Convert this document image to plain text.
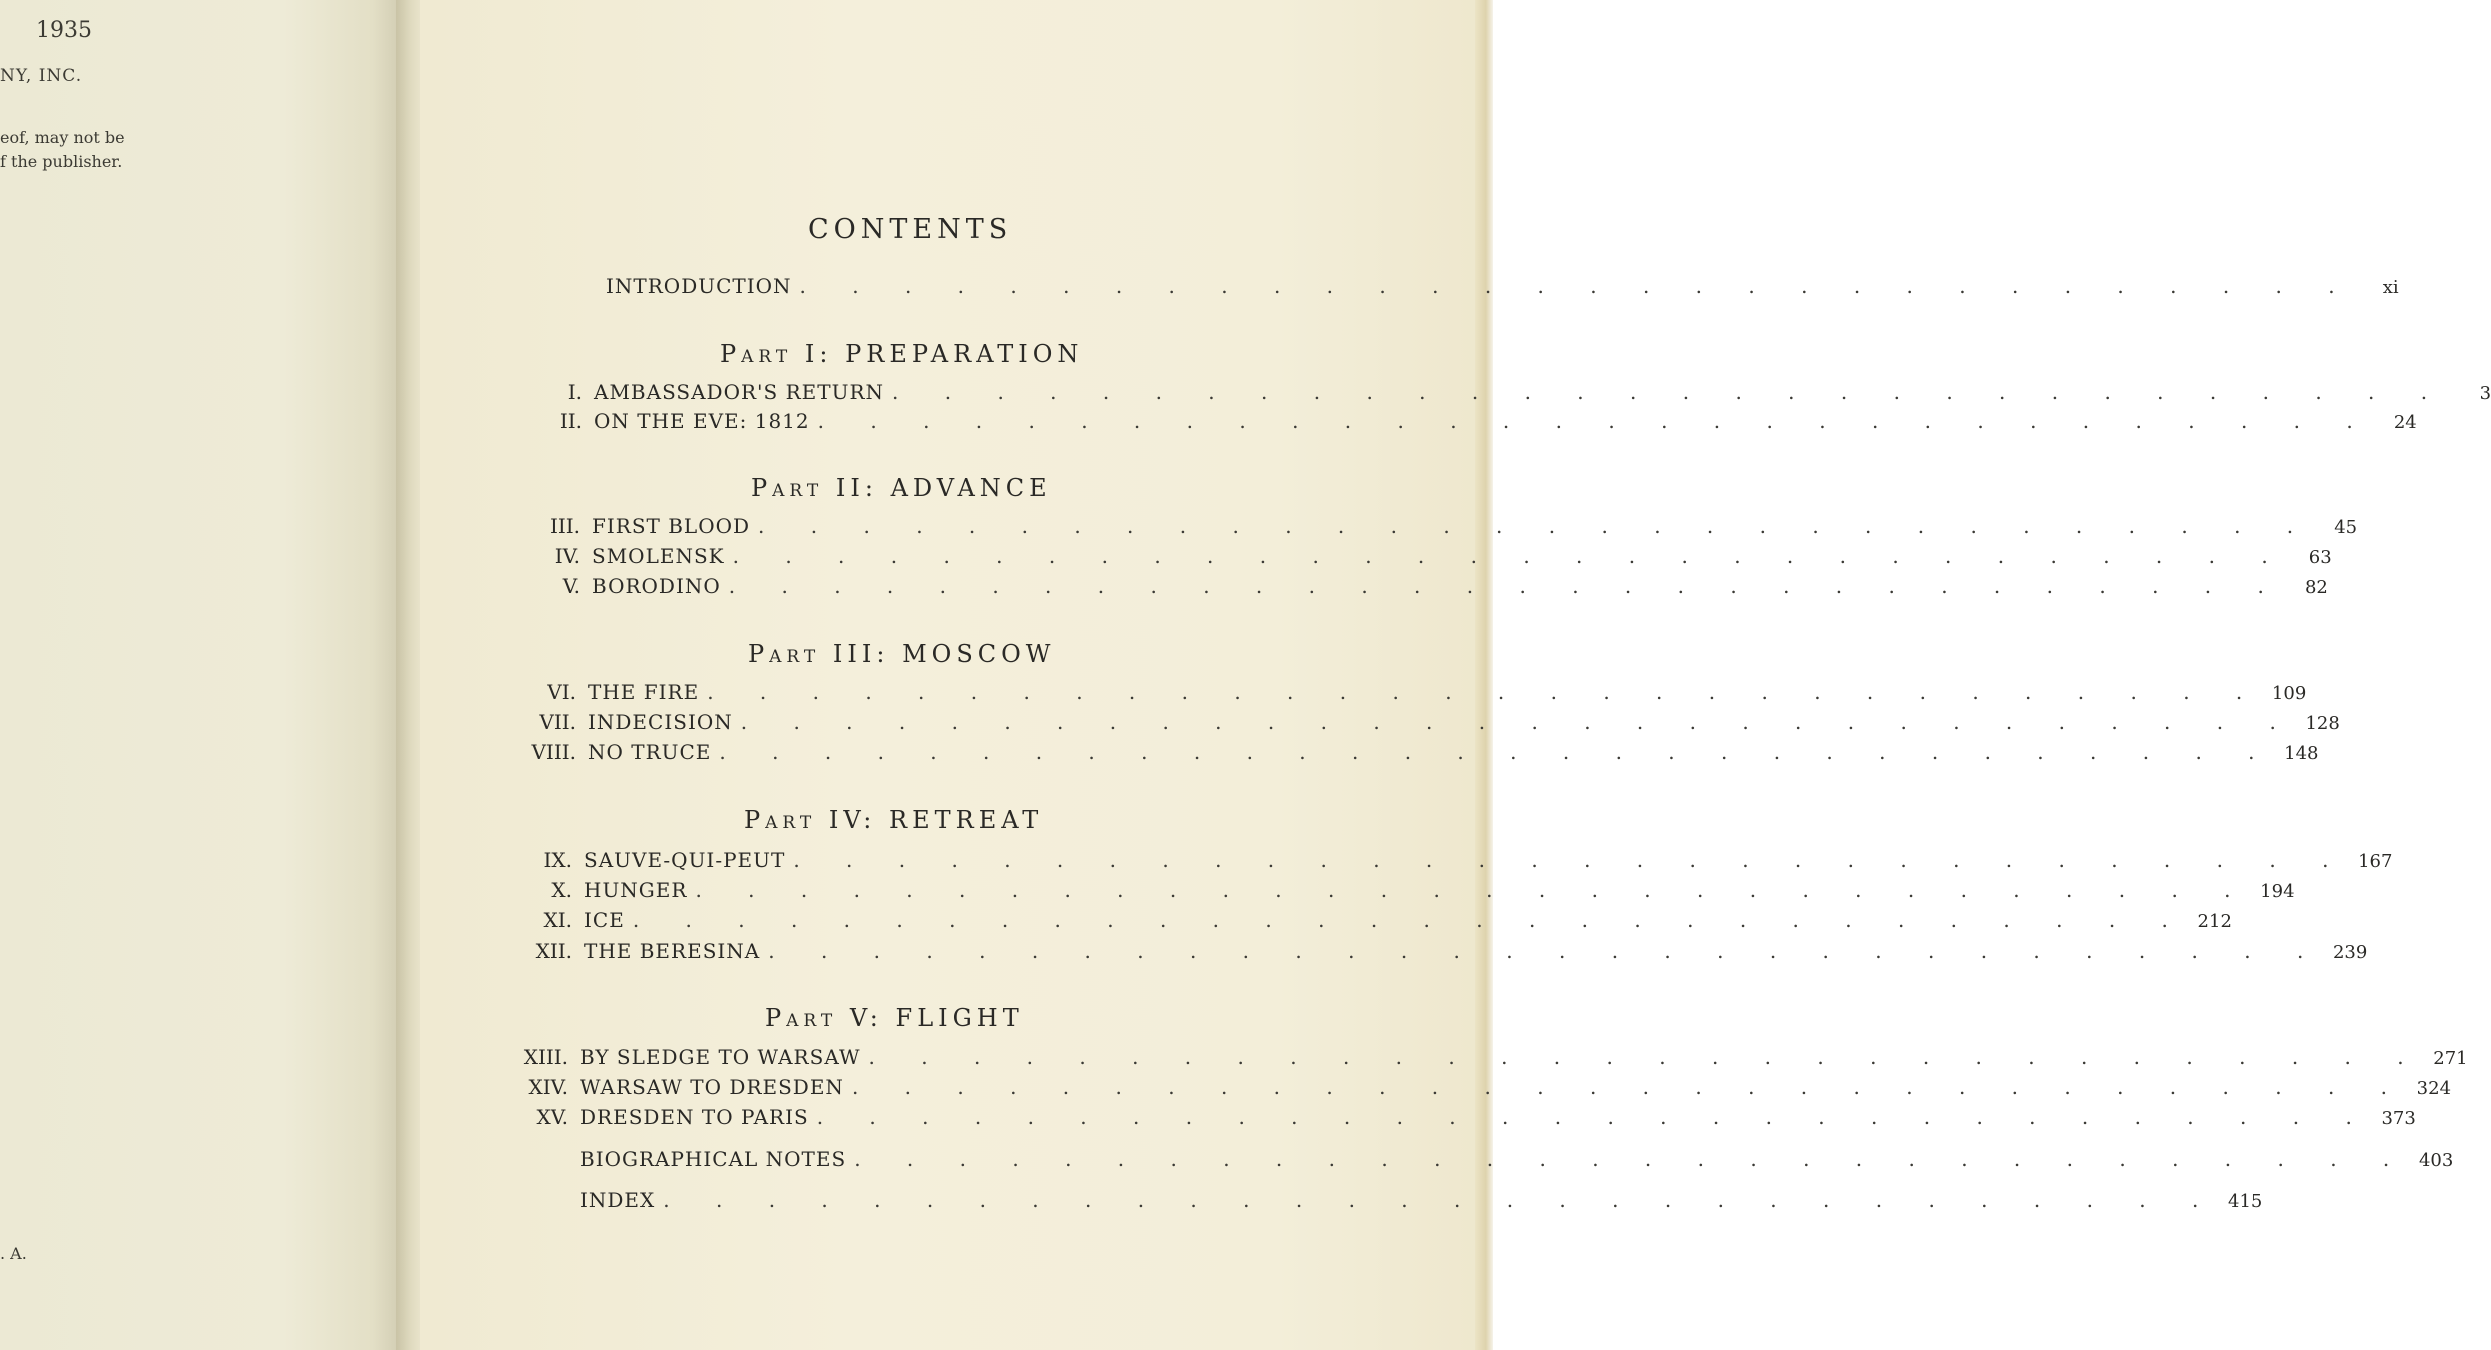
1935
NY, INC.
eof, may not be
f the publisher.
. A.
CONTENTS
INTRODUCTION . . . . . . . . . . . . . . . . . . . . . . . . . . . . . .	xi
Part I: PREPARATION
I. AMBASSADOR'S RETURN . . . . . . . . . . . . . . . . . . . . . . . . . . . . . .	3
II. ON THE EVE: 1812 . . . . . . . . . . . . . . . . . . . . . . . . . . . . . .	24
Part II: ADVANCE
III. FIRST BLOOD . . . . . . . . . . . . . . . . . . . . . . . . . . . . . .	45
IV. SMOLENSK . . . . . . . . . . . . . . . . . . . . . . . . . . . . . .	63
V. BORODINO . . . . . . . . . . . . . . . . . . . . . . . . . . . . . .	82
Part III: MOSCOW
VI. THE FIRE . . . . . . . . . . . . . . . . . . . . . . . . . . . . . . 109
VII. INDECISION . . . . . . . . . . . . . . . . . . . . . . . . . . . . . . 128
VIII. NO TRUCE . . . . . . . . . . . . . . . . . . . . . . . . . . . . . . 148
Part IV: RETREAT
IX. SAUVE-QUI-PEUT . . . . . . . . . . . . . . . . . . . . . . . . . . . . . . 167
X. HUNGER . . . . . . . . . . . . . . . . . . . . . . . . . . . . . . 194
XI. ICE . . . . . . . . . . . . . . . . . . . . . . . . . . . . . . 212
XII. THE BERESINA . . . . . . . . . . . . . . . . . . . . . . . . . . . . . . 239
Part V: FLIGHT
XIII. BY SLEDGE TO WARSAW . . . . . . . . . . . . . . . . . . . . . . . . . . . . . . 271
XIV. WARSAW TO DRESDEN . . . . . . . . . . . . . . . . . . . . . . . . . . . . . . 324
XV. DRESDEN TO PARIS . . . . . . . . . . . . . . . . . . . . . . . . . . . . . . 373
BIOGRAPHICAL NOTES . . . . . . . . . . . . . . . . . . . . . . . . . . . . . . 403
INDEX . . . . . . . . . . . . . . . . . . . . . . . . . . . . . . 415
